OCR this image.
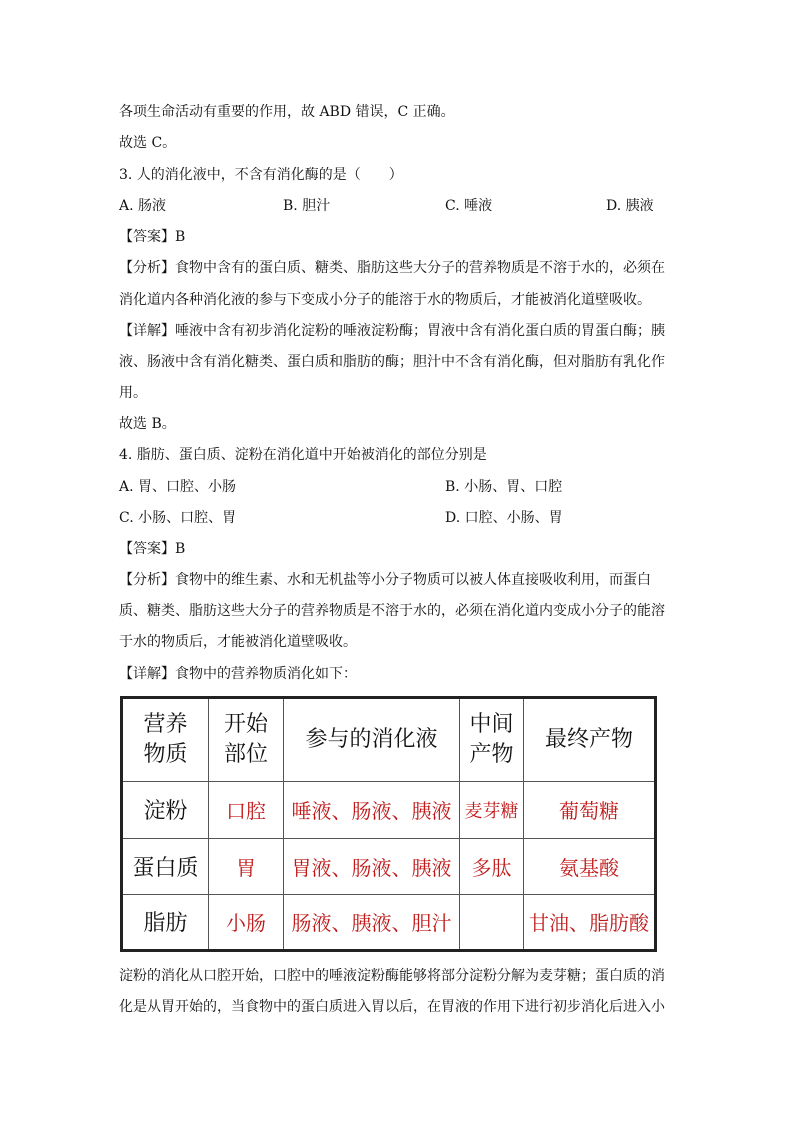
各项生命活动有重要的作用，故 ABD 错误，C 正确。
故选 C。
3. 人的消化液中，不含有消化酶的是（　　）
A. 肠液	B. 胆汁	C. 唾液	D. 胰液
【答案】B
【分析】食物中含有的蛋白质、糖类、脂肪这些大分子的营养物质是不溶于水的，必须在
消化道内各种消化液的参与下变成小分子的能溶于水的物质后，才能被消化道壁吸收。
【详解】唾液中含有初步消化淀粉的唾液淀粉酶；胃液中含有消化蛋白质的胃蛋白酶；胰
液、肠液中含有消化糖类、蛋白质和脂肪的酶；胆汁中不含有消化酶，但对脂肪有乳化作
用。
故选 B。
4. 脂肪、蛋白质、淀粉在消化道中开始被消化的部位分别是
A. 胃、口腔、小肠	B. 小肠、胃、口腔
C. 小肠、口腔、胃	D. 口腔、小肠、胃
【答案】B
【分析】食物中的维生素、水和无机盐等小分子物质可以被人体直接吸收利用，而蛋白
质、糖类、脂肪这些大分子的营养物质是不溶于水的，必须在消化道内变成小分子的能溶
于水的物质后，才能被消化道壁吸收。
【详解】食物中的营养物质消化如下：
营养物质	开始部位	参与的消化液	中间产物	最终产物
淀粉	口腔	唾液、肠液、胰液	麦芽糖	葡萄糖
蛋白质	胃	胃液、肠液、胰液	多肽	氨基酸
脂肪	小肠	肠液、胰液、胆汁		甘油、脂肪酸
淀粉的消化从口腔开始，口腔中的唾液淀粉酶能够将部分淀粉分解为麦芽糖；蛋白质的消
化是从胃开始的，当食物中的蛋白质进入胃以后，在胃液的作用下进行初步消化后进入小
